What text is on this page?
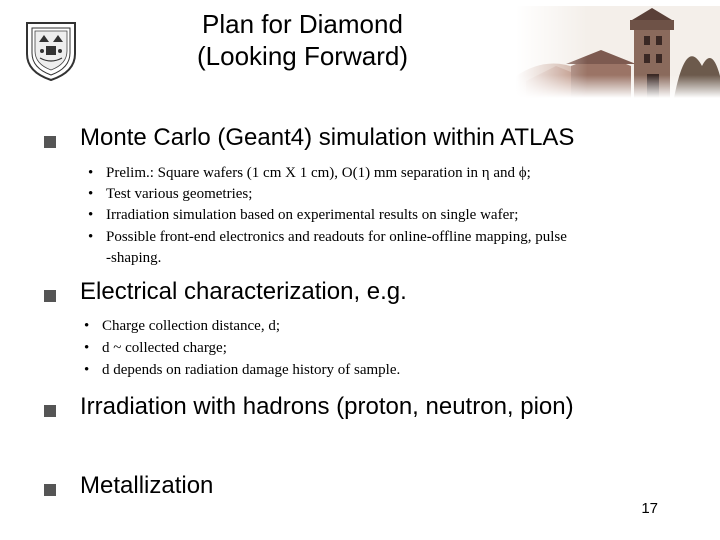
Plan for Diamond
(Looking Forward)
Monte Carlo (Geant4) simulation within ATLAS
• Prelim.: Square wafers (1 cm X 1 cm), O(1) mm separation in η and ϕ;
• Test various geometries;
• Irradiation simulation based on experimental results on single wafer;
• Possible front-end electronics and readouts for online-offline mapping, pulse
-shaping.
Electrical characterization, e.g.
• Charge collection distance, d;
• d ~ collected charge;
• d depends on radiation damage history of sample.
Irradiation with hadrons (proton, neutron, pion)
Metallization
17
